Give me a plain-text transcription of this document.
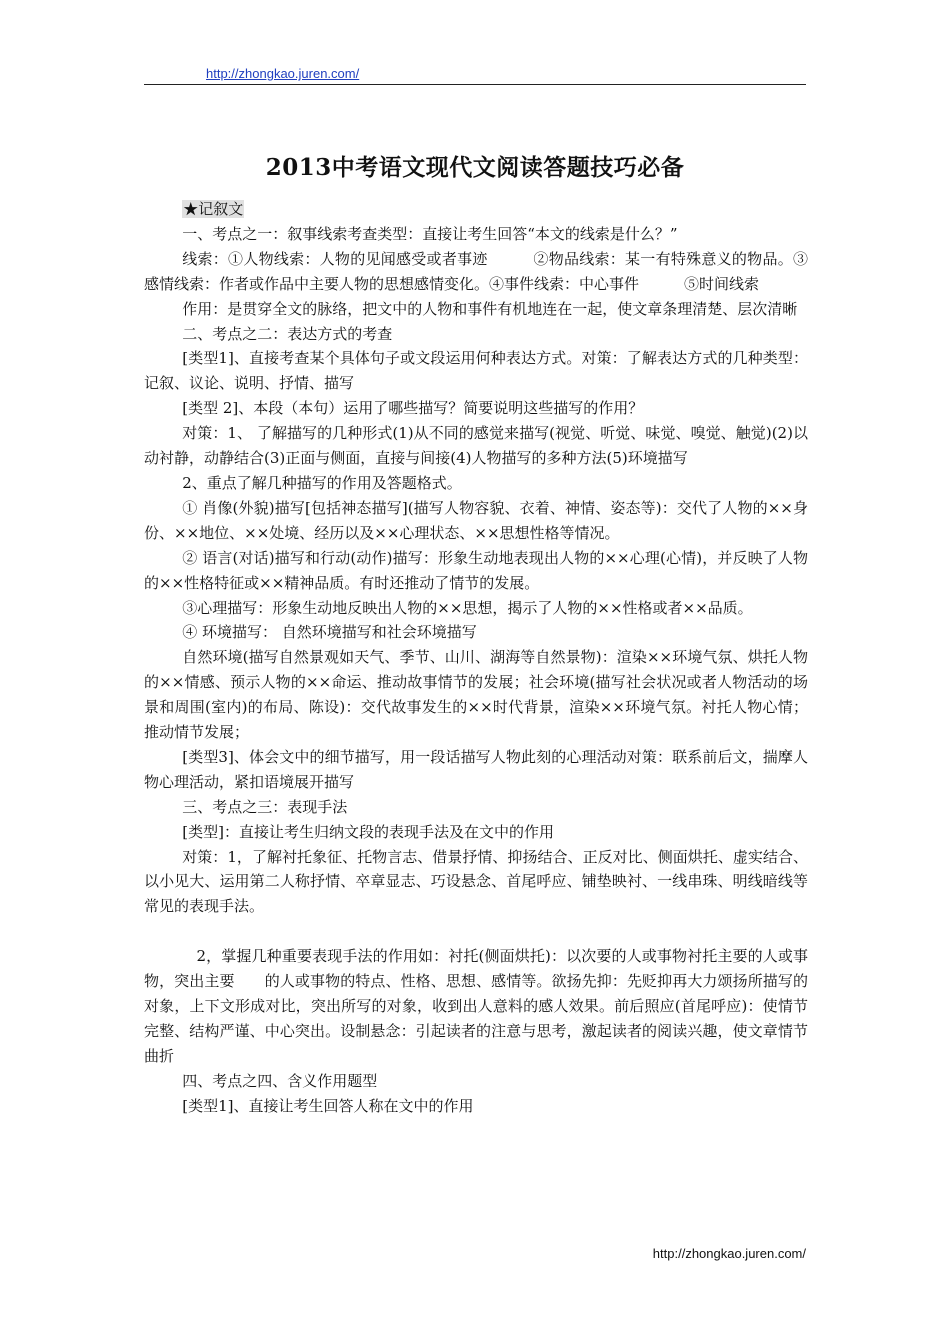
http://zhongkao.juren.com/
2013中考语文现代文阅读答题技巧必备

★记叙文

一、考点之一：叙事线索考查类型：直接让考生回答“本文的线索是什么？”

线索：①人物线索：人物的见闻感受或者事迹　　　②物品线索：某一有特殊意义的物品。③感情线索：作者或作品中主要人物的思想感情变化。④事件线索：中心事件　　　⑤时间线索

作用：是贯穿全文的脉络，把文中的人物和事件有机地连在一起，使文章条理清楚、层次清晰

二、考点之二：表达方式的考查

[类型1]、直接考查某个具体句子或文段运用何种表达方式。对策：了解表达方式的几种类型：记叙、议论、说明、抒情、描写

[类型 2]、本段（本句）运用了哪些描写？简要说明这些描写的作用？

对策：1、 了解描写的几种形式(1)从不同的感觉来描写(视觉、听觉、味觉、嗅觉、触觉)(2)以动衬静，动静结合(3)正面与侧面，直接与间接(4)人物描写的多种方法(5)环境描写

2、重点了解几种描写的作用及答题格式。

① 肖像(外貌)描写[包括神态描写](描写人物容貌、衣着、神情、姿态等)：交代了人物的××身份、××地位、××处境、经历以及××心理状态、××思想性格等情况。

② 语言(对话)描写和行动(动作)描写：形象生动地表现出人物的××心理(心情)，并反映了人物的××性格特征或××精神品质。有时还推动了情节的发展。

③心理描写：形象生动地反映出人物的××思想，揭示了人物的××性格或者××品质。

④ 环境描写： 自然环境描写和社会环境描写

自然环境(描写自然景观如天气、季节、山川、湖海等自然景物)：渲染××环境气氛、烘托人物的××情感、预示人物的××命运、推动故事情节的发展；社会环境(描写社会状况或者人物活动的场景和周围(室内)的布局、陈设)：交代故事发生的××时代背景，渲染××环境气氛。衬托人物心情；推动情节发展；

[类型3]、体会文中的细节描写，用一段话描写人物此刻的心理活动对策：联系前后文，揣摩人物心理活动，紧扣语境展开描写

三、考点之三：表现手法

[类型]：直接让考生归纳文段的表现手法及在文中的作用

对策：1，了解衬托象征、托物言志、借景抒情、抑扬结合、正反对比、侧面烘托、虚实结合、以小见大、运用第二人称抒情、卒章显志、巧设悬念、首尾呼应、铺垫映衬、一线串珠、明线暗线等常见的表现手法。

2，掌握几种重要表现手法的作用如：衬托(侧面烘托)：以次要的人或事物衬托主要的人或事物，突出主要　　的人或事物的特点、性格、思想、感情等。欲扬先抑：先贬抑再大力颂扬所描写的对象，上下文形成对比，突出所写的对象，收到出人意料的感人效果。前后照应(首尾呼应)：使情节完整、结构严谨、中心突出。设制悬念：引起读者的注意与思考，激起读者的阅读兴趣，使文章情节曲折

四、考点之四、含义作用题型

[类型1]、直接让考生回答人称在文中的作用

http://zhongkao.juren.com/
